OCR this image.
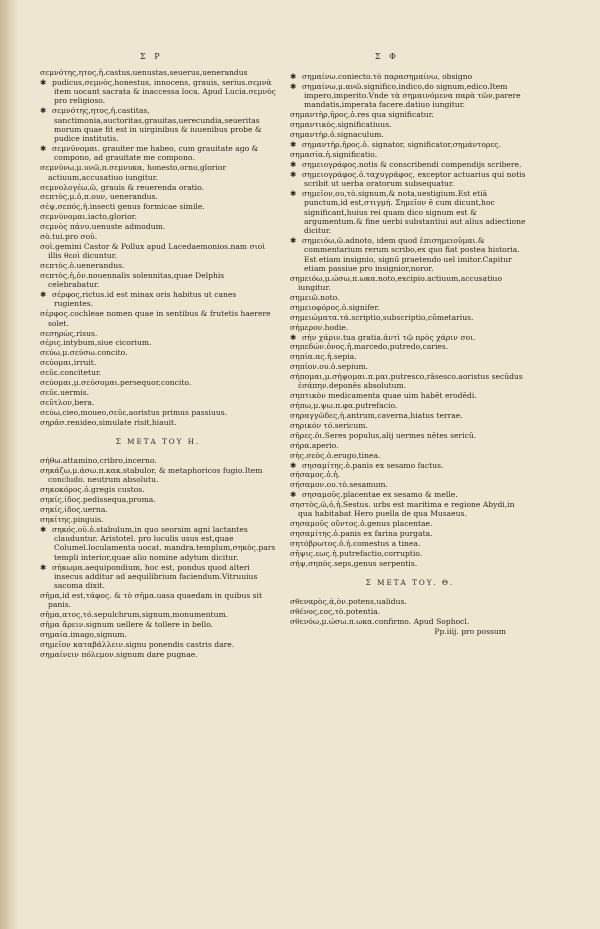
Σ Ρ	Σ Φ
σεμνότης,ητος,ἡ.castus,uenustas,seuerus,uenerandus
✱ pudicus,σεμνὸς,honestus, innocens, grauis, serius.σεμνὰ item uocant sacrata & inaccessa loca. Apud Lucia.σεμνὸς pro religioso.
✱ σεμνότης,ητος,ἡ.castitas, sanctimonia,auctoritas,grauitas,uerecundia,seueritas morum quae fit est in uirginibus & iuuenibus probe & pudice institutis.
✱ σεμνύνομαι. grauiter me habeo, cum grauitate ago & compono, ad grauitate me compono.
σεμνύνω,μ.υνῶ,π.σεμνυκα, honesto,orno,glorior actiuum,accusatiuo iungitur.
σεμνολογέω,ῶ, grauis & reuerenda oratio.
σεπτὸς,μ.ὁ,π.ουν, uenerandus.
σέψ,σεπός,ἡ.insecti genus formicae simile.
σεμνύνομαι.iacto,glorior.
σεμνὸς πάνυ.uenuste admodum.
σὸ.tui.pro σοῦ.
σοὶ.gemini Castor & Pollux apud Lacedaemonios.nam σιοὶ illis θεοὶ dicuntur.
σεπτὸς.ὁ.uenerandus.
σεπτὸς,ἡ,ὀν.nouennalis solennitas,quae Delphis celebrabatur.
✱ σέρφος,rictus.id est minax oris habitus ut canes rugientes.
σέρφος.cochleae nomen quae in sentibus & frutetis haerere solet.
σεσηρὼς,risus.
σέρις.intybum,siue cicorium.
σεύω,μ.σεύσω.concito.
σεύομαι,irruit.
σεῦε.concitetur.
σεύομαι,μ.σεύσομαι.persequor,concito.
σεῦε.uermis.
σεῦτλον,bera.
σεύω,cieo,moueo,σεῦε,aoristus primus passiuus.
σηρᾶσ.renideo,simulate risit,hiauit.
Σ ΜΕΤΑ ΤΟΥ Η.
σήθω.attamino,cribro,incerno.
σηκάζω,μ.άσω.π.κακ.stabulor, & metaphoricos fugio.Item concludo. neutrum absolutu.
σηκοκόρος.ὁ.gregis custos.
σηκίς,ίδος.pedissequa,proma.
σηκίς,ίδος.uerna.
σηκίτης.pinguis.
✱ σηκός.οῦ.ὁ.stabulum,in quo seorsim agni lactantes clauduntur. Aristotel. pro loculis usus est,quae Columel.loculamenta uocat. mandra.templum,σηκὸς.pars templi interior,quae alio nomine adytum dicitur.
✱ σήκωμα.aequipondium, hoc est, pondus quod alteri insecus additur ad aequilibrium faciendum.Vitruuius sacoma dixit.
σῆμα,id est,τάφος. & τὸ σῆμα.uasa quaedam in quibus sit panis.
σῆμα,ατος,τό.sepulchrum,signum,monumentum.
σῆμα ἄρειν.signum uellere & tollere in bello.
σημαία.imago,signum.
σημεῖον καταβάλλειν.signu ponendis castris dare.
σημαίνειν πόλεμον.signum dare pugnae.
✱ σημαίνω.coniecto.τὸ παρασημαίνω, obsigno
✱ σημαίνω,μ.ανῶ.significo,indico,do signum,edico.Item impero,imperito.Vnde τὰ σημαινόμενα παρὰ τῶν,parere mandatis,imperata facere.datiuo iungitur.
σημαντὴρ,ῆρος,ὁ.res qua significatur.
σημαντικὸς.significatiuus.
σημαντὴρ.ὁ.signaculum.
✱ σημαντὴρ,ῆρος.ὁ. signator, significator,σημάντορες.
σημασία.ἡ.significatio.
✱ σημειογράφος.notis & conscribendi compendijs scribere.
✱ σημειογράφος.ὁ.ταχυγράφος, exceptor actuarius qui notis scribit ut uerba oratorum subsequatur.
✱ σημεῖον,ου,τὸ.signum,& nota,uestigium.Est etiā punctum,id est,στιγμή. Σημεῖον ē cum dicunt,hoc significant,huius rei quam dico signum est & argumentum.& fine uerbi substantiui aut alius adiectione dicitur.
✱ σημειόω,ῶ.adnoto, idem quod ἐπισημειοῦμαι.& commentarium rerum scribo,ex quo fiat postea historia. Est etiam insignio, signū praetendo uel imitor.Capitur etiam passiue pro insignior,noror.
σημειόω,μ.ώσω,π.ωκα.noto,excipio.actiuum,accusatiuo iungitur.
σημειῶ.noto.
σημειοφόρος.ὁ.signifer.
σημειώματα.τά.scriptio,subscriptio,cōmetarius.
σήμερον.hodie.
✱ σὴν χάριν.tua gratia.ἀντὶ τῷ πρὸς χάριν σοι.
σηπεδών.ὀνος.ἡ.marcedo,putredo,caries.
σηπία.ας.ἡ.sepia.
σηπίον.ου.ὁ.sepium.
σήπομαι,μ.σήψομαι.π.μαι.putresco,rāsesco.aoristus secūdus ἐσάπην.deponēs absolutum.
σηπτικὸν medicamenta quae uim habēt erodēdi.
σήπω,μ.ψω.π.φα.putrefacio.
σηραγγῶδες,ἡ.antrum,caverna,hiatus terrae.
σηρικόν τό.sericum.
σῆρες.ὁι.Seres populus,alij uermes nētes sericū.
σήρα.aperio.
σὴς.σεὸς.ὁ.erugo,tinea.
✱ σησαμίτης.ὁ.panis ex sesamo factus.
σήσαμος.ὁ.ἡ.
σήσαμον.ου.τὸ.sesamum.
✱ σησαμοῦς.placentae ex sesamo & melle.
σηστὸς,ῶ,ὁ,ἡ.Sestus. urbs est maritima e regione Abydi,in qua habitabat Hero puella de qua Musaeus.
σησαμοῦς οὔντος.ὁ.genus placentae.
σησαμίτης.ὁ.panis ex farina purgata.
σητόβρωτος.ὁ.ἡ.comestus a tinea.
σῆψις.εως.ἡ.putrefactio,corruptio.
σήψ,σηπὸς.seps,genus serpentis.
Σ ΜΕΤΑ ΤΟΥ. Θ.
σθεναρὸς,ά,ὸν.potens,ualidus.
σθένος,εος,τὸ.potentia.
σθενόω,μ.ώσω.π.ωκα.confirmo. Apud Sophocl.
Pp.iiij. pro possum
